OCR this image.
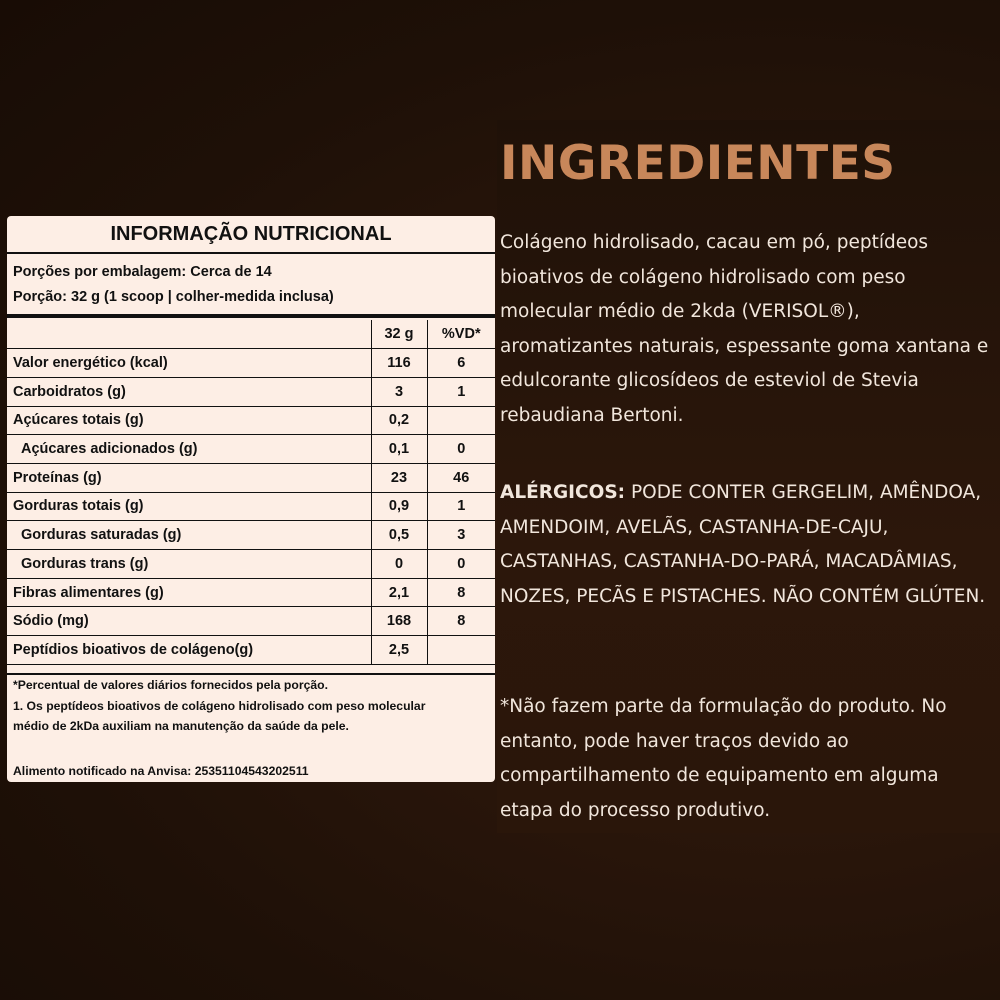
INGREDIENTES

Colágeno hidrolisado, cacau em pó, peptídeos bioativos de colágeno hidrolisado com peso molecular médio de 2kda (VERISOL®), aromatizantes naturais, espessante goma xantana e edulcorante glicosídeos de esteviol de Stevia rebaudiana Bertoni.

ALÉRGICOS: PODE CONTER GERGELIM, AMÊNDOA, AMENDOIM, AVELÃS, CASTANHA-DE-CAJU, CASTANHAS, CASTANHA-DO-PARÁ, MACADÂMIAS, NOZES, PECÃS E PISTACHES. NÃO CONTÉM GLÚTEN.

*Não fazem parte da formulação do produto. No entanto, pode haver traços devido ao compartilhamento de equipamento em alguma etapa do processo produtivo.

INFORMAÇÃO NUTRICIONAL
Porções por embalagem: Cerca de 14
Porção: 32 g (1 scoop | colher-medida inclusa)
	32 g	%VD*
Valor energético (kcal)	116	6
Carboidratos (g)	3	1
Açúcares totais (g)	0,2	
Açúcares adicionados (g)	0,1	0
Proteínas (g)	23	46
Gorduras totais (g)	0,9	1
Gorduras saturadas (g)	0,5	3
Gorduras trans (g)	0	0
Fibras alimentares (g)	2,1	8
Sódio (mg)	168	8
Peptídios bioativos de colágeno(g)	2,5	
*Percentual de valores diários fornecidos pela porção.
1. Os peptídeos bioativos de colágeno hidrolisado com peso molecular
médio de 2kDa auxiliam na manutenção da saúde da pele.
Alimento notificado na Anvisa: 25351104543202511
